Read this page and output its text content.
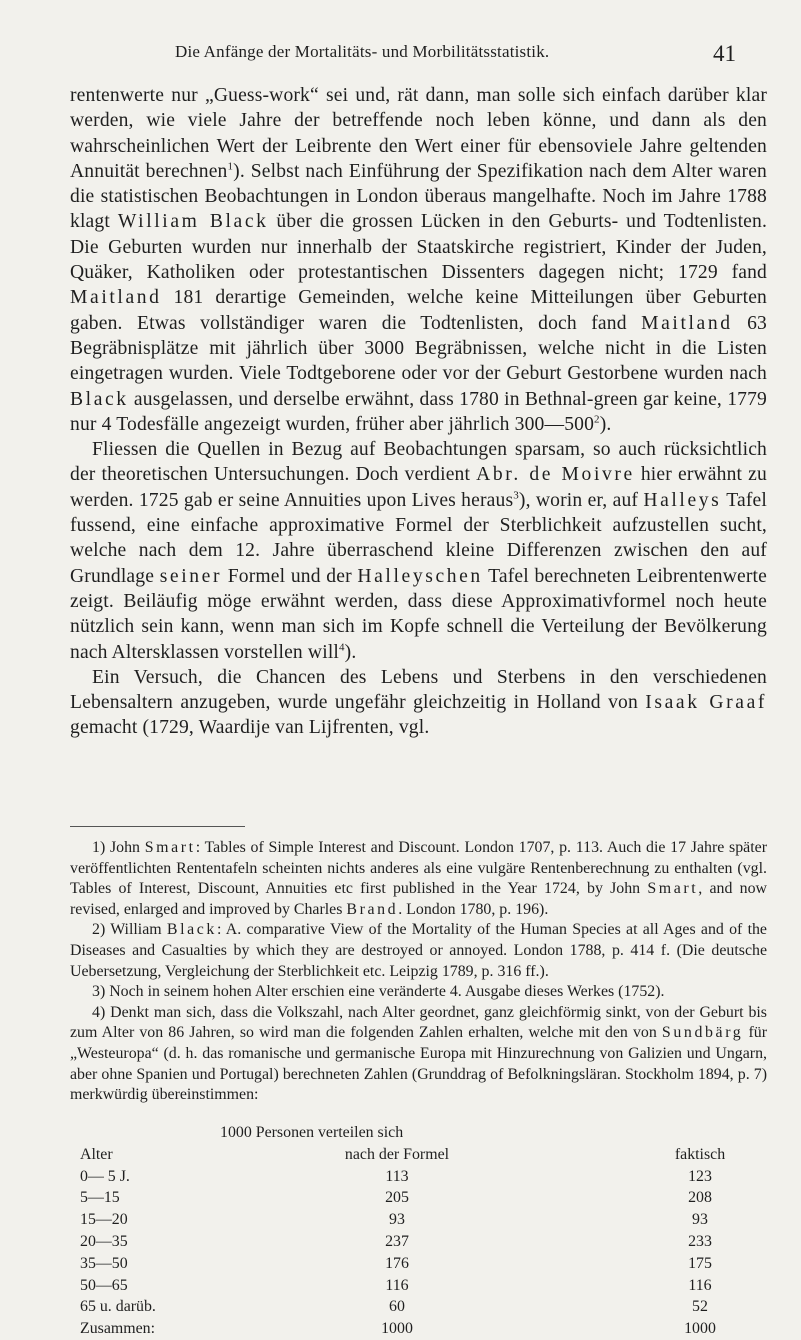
Die Anfänge der Mortalitäts- und Morbilitätsstatistik.	41

rentenwerte nur „Guess-work“ sei und, rät dann, man solle sich einfach darüber klar werden, wie viele Jahre der betreffende noch leben könne, und dann als den wahrscheinlichen Wert der Leibrente den Wert einer für ebensoviele Jahre geltenden Annuität berechnen$^1$). Selbst nach Einführung der Spezifikation nach dem Alter waren die statistischen Beobachtungen in London überaus mangelhafte. Noch im Jahre 1788 klagt William Black über die grossen Lücken in den Geburts- und Todtenlisten. Die Geburten wurden nur innerhalb der Staatskirche registriert, Kinder der Juden, Quäker, Katholiken oder protestantischen Dissenters dagegen nicht; 1729 fand Maitland 181 derartige Gemeinden, welche keine Mitteilungen über Geburten gaben. Etwas vollständiger waren die Todtenlisten, doch fand Maitland 63 Begräbnisplätze mit jährlich über 3000 Begräbnissen, welche nicht in die Listen eingetragen wurden. Viele Todtgeborene oder vor der Geburt Gestorbene wurden nach Black ausgelassen, und derselbe erwähnt, dass 1780 in Bethnal-green gar keine, 1779 nur 4 Todesfälle angezeigt wurden, früher aber jährlich $300—500^2$).

Fliessen die Quellen in Bezug auf Beobachtungen sparsam, so auch rücksichtlich der theoretischen Untersuchungen. Doch verdient Abr. de Moivre hier erwähnt zu werden. 1725 gab er seine Annuities upon Lives heraus$^3$), worin er, auf Halleys Tafel fussend, eine einfache approximative Formel der Sterblichkeit aufzustellen sucht, welche nach dem 12. Jahre überraschend kleine Differenzen zwischen den auf Grundlage seiner Formel und der Halleyschen Tafel berechneten Leibrentenwerte zeigt. Beiläufig möge erwähnt werden, dass diese Approximativformel noch heute nützlich sein kann, wenn man sich im Kopfe schnell die Verteilung der Bevölkerung nach Altersklassen vorstellen will$^4$).

Ein Versuch, die Chancen des Lebens und Sterbens in den verschiedenen Lebensaltern anzugeben, wurde ungefähr gleichzeitig in Holland von Isaak Graaf gemacht (1729, Waardije van Lijfrenten, vgl.

1) John Smart: Tables of Simple Interest and Discount. London 1707, p. 113. Auch die 17 Jahre später veröffentlichten Rententafeln scheinten nichts anderes als eine vulgäre Rentenberechnung zu enthalten (vgl. Tables of Interest, Discount, Annuities etc first published in the Year 1724, by John Smart, and now revised, enlarged and improved by Charles Brand. London 1780, p. 196).

2) William Black: A. comparative View of the Mortality of the Human Species at all Ages and of the Diseases and Casualties by which they are destroyed or annoyed. London 1788, p. 414 f. (Die deutsche Uebersetzung, Vergleichung der Sterblichkeit etc. Leipzig 1789, p. 316 ff.).

3) Noch in seinem hohen Alter erschien eine veränderte 4. Ausgabe dieses Werkes (1752).

4) Denkt man sich, dass die Volkszahl, nach Alter geordnet, ganz gleichförmig sinkt, von der Geburt bis zum Alter von 86 Jahren, so wird man die folgenden Zahlen erhalten, welche mit den von Sundbärg für „Westeuropa“ (d. h. das romanische und germanische Europa mit Hinzurechnung von Galizien und Ungarn, aber ohne Spanien und Portugal) berechneten Zahlen (Grunddrag of Befolkningsläran. Stockholm 1894, p. 7) merkwürdig übereinstimmen:

1000 Personen verteilen sich
Alter	nach der Formel	faktisch
0— 5 J.	113	123
5—15	205	208
15—20	93	93
20—35	237	233
35—50	176	175
50—65	116	116
65 u. darüb.	60	52
Zusammen:	1000	1000
